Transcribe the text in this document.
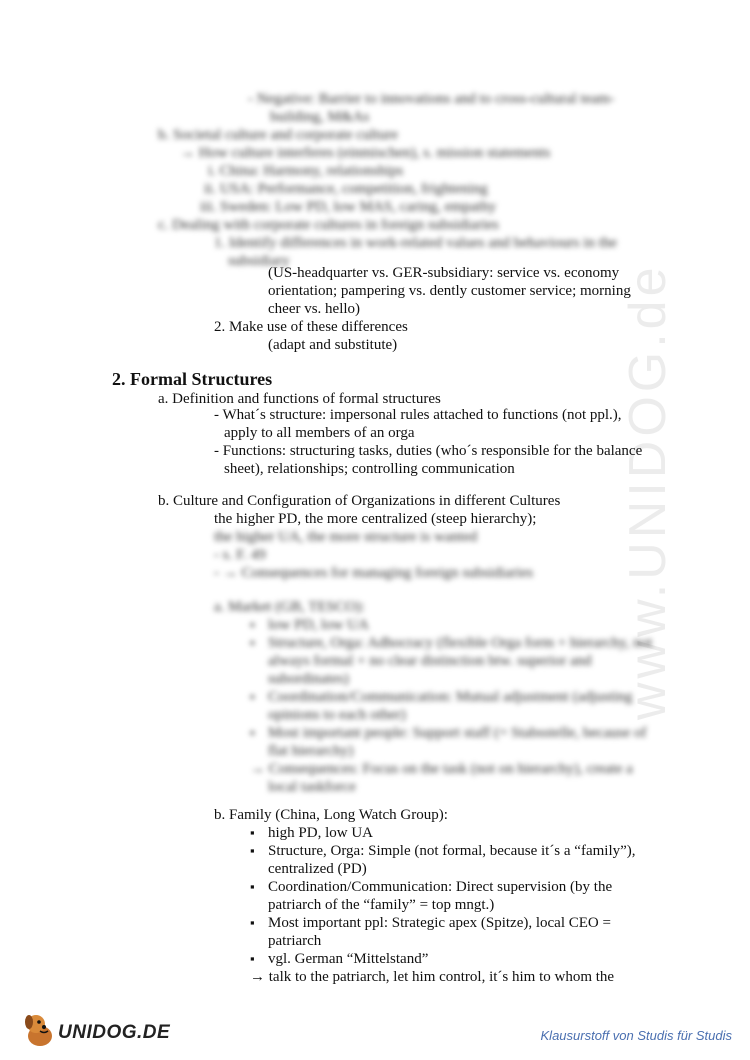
www.UNIDOG.de
- Negative: Barrier to innovations and to cross-cultural team-
building, M&As
b. Societal culture and corporate culture
→ How culture interferes (einmischen), s. mission statements
i. China: Harmony, relationships
ii. USA: Performance, competition, frightening
iii. Sweden: Low PD, low MAS, caring, empathy
c. Dealing with corporate cultures in foreign subsidiaries
1. Identify differences in work-related values and behaviours in the
subsidiary
(US-headquarter vs. GER-subsidiary: service vs. economy
orientation; pampering vs. dently customer service; morning
cheer vs. hello)
2. Make use of these differences
(adapt and substitute)
2. Formal Structures
a. Definition and functions of formal structures
- What´s structure: impersonal rules attached to functions (not ppl.),
apply to all members of an orga
- Functions: structuring tasks, duties (who´s responsible for the balance
sheet), relationships; controlling communication
b. Culture and Configuration of Organizations in different Cultures
the higher PD, the more centralized (steep hierarchy);
the higher UA, the more structure is wanted
- s. F. 49
- → Consequences for managing foreign subsidiaries
a. Market (GB, TESCO):
▪ low PD, low UA
▪ Structure, Orga: Adhocracy (flexible Orga form + hierarchy, not
always formal + no clear distinction btw. superior and
subordinates)
▪ Coordination/Communication: Mutual adjustment (adjusting
opinions to each other)
▪ Most important people: Support staff (= Stabsstelle, because of
flat hierarchy)
→ Consequences: Focus on the task (not on hierarchy), create a
local taskforce
b. Family (China, Long Watch Group):
▪ high PD, low UA
▪ Structure, Orga: Simple (not formal, because it´s a “family”),
centralized (PD)
▪ Coordination/Communication: Direct supervision (by the
patriarch of the “family” = top mngt.)
▪ Most important ppl: Strategic apex (Spitze), local CEO =
patriarch
▪ vgl. German “Mittelstand”
→ talk to the patriarch, let him control, it´s him to whom the
UNIDOG.DE	Klausurstoff von Studis für Studis
